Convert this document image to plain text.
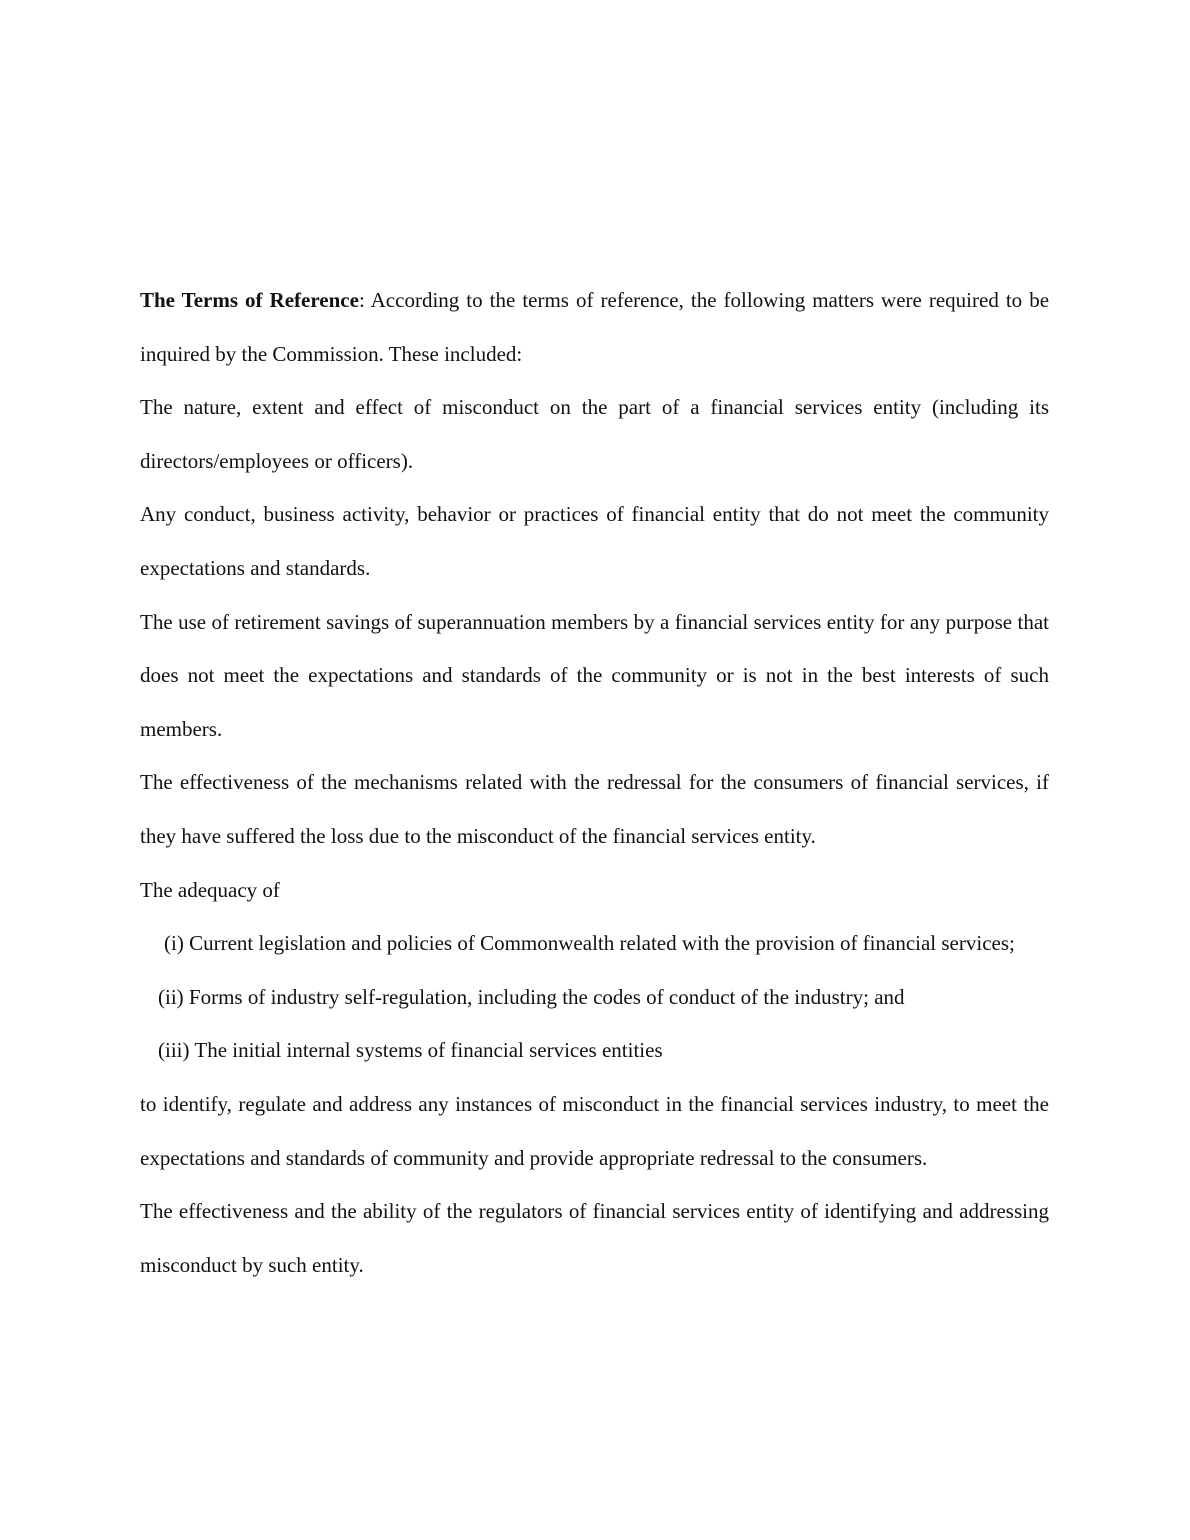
The Terms of Reference: According to the terms of reference, the following matters were required to be inquired by the Commission. These included:

The nature, extent and effect of misconduct on the part of a financial services entity (including its directors/employees or officers).

Any conduct, business activity, behavior or practices of financial entity that do not meet the community expectations and standards.

The use of retirement savings of superannuation members by a financial services entity for any purpose that does not meet the expectations and standards of the community or is not in the best interests of such members.

The effectiveness of the mechanisms related with the redressal for the consumers of financial services, if they have suffered the loss due to the misconduct of the financial services entity.

The adequacy of

(i) Current legislation and policies of Commonwealth related with the provision of financial services;

(ii) Forms of industry self-regulation, including the codes of conduct of the industry; and

(iii) The initial internal systems of financial services entities

to identify, regulate and address any instances of misconduct in the financial services industry, to meet the expectations and standards of community and provide appropriate redressal to the consumers.

The effectiveness and the ability of the regulators of financial services entity of identifying and addressing misconduct by such entity.
